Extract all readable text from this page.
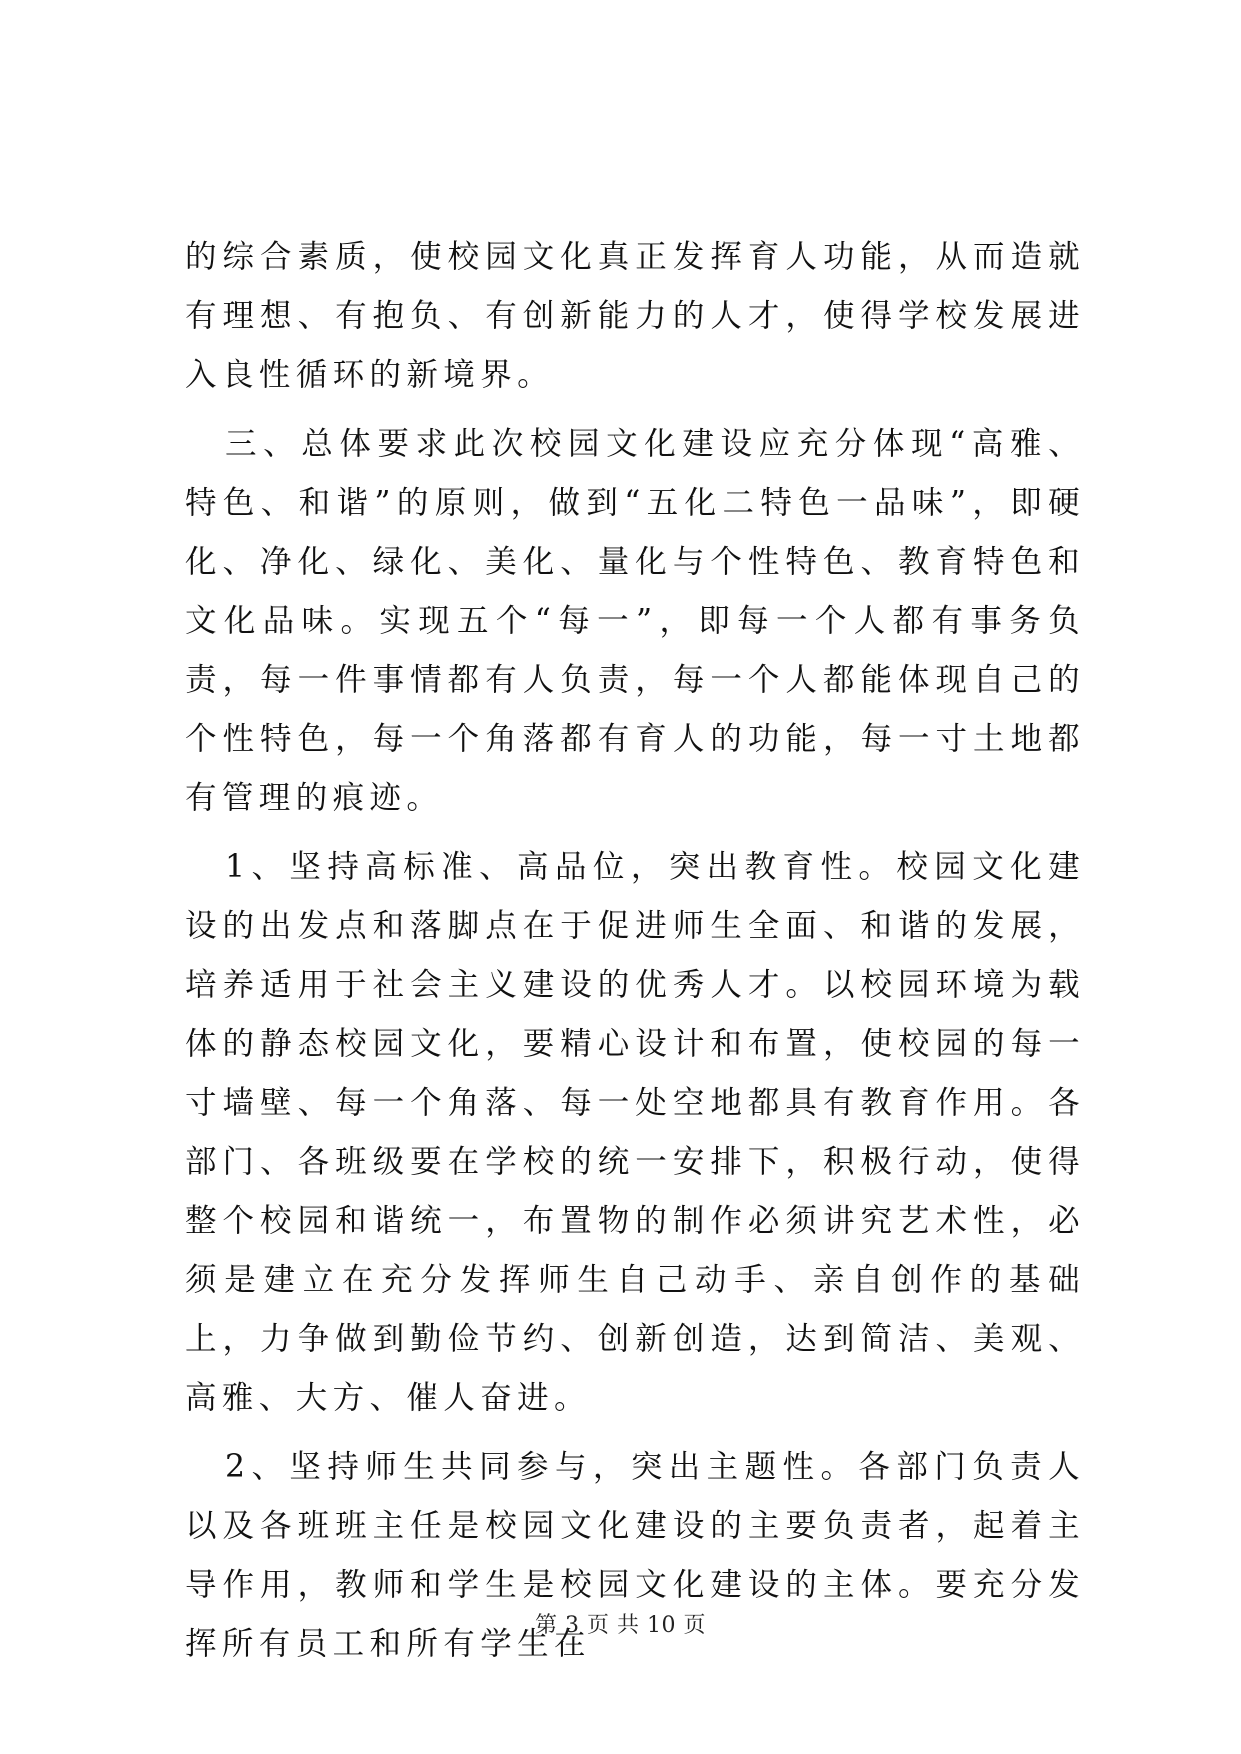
的综合素质，使校园文化真正发挥育人功能，从而造就有理想、有抱负、有创新能力的人才，使得学校发展进入良性循环的新境界。

三、总体要求此次校园文化建设应充分体现“高雅、特色、和谐”的原则，做到“五化二特色一品味”，即硬化、净化、绿化、美化、量化与个性特色、教育特色和文化品味。实现五个“每一”，即每一个人都有事务负责，每一件事情都有人负责，每一个人都能体现自己的个性特色，每一个角落都有育人的功能，每一寸土地都有管理的痕迹。

1、坚持高标准、高品位，突出教育性。校园文化建设的出发点和落脚点在于促进师生全面、和谐的发展，培养适用于社会主义建设的优秀人才。以校园环境为载体的静态校园文化，要精心设计和布置，使校园的每一寸墙壁、每一个角落、每一处空地都具有教育作用。各部门、各班级要在学校的统一安排下，积极行动，使得整个校园和谐统一，布置物的制作必须讲究艺术性，必须是建立在充分发挥师生自己动手、亲自创作的基础上，力争做到勤俭节约、创新创造，达到简洁、美观、高雅、大方、催人奋进。

2、坚持师生共同参与，突出主题性。各部门负责人以及各班班主任是校园文化建设的主要负责者，起着主导作用，教师和学生是校园文化建设的主体。要充分发挥所有员工和所有学生在

第 3 页 共 10 页
